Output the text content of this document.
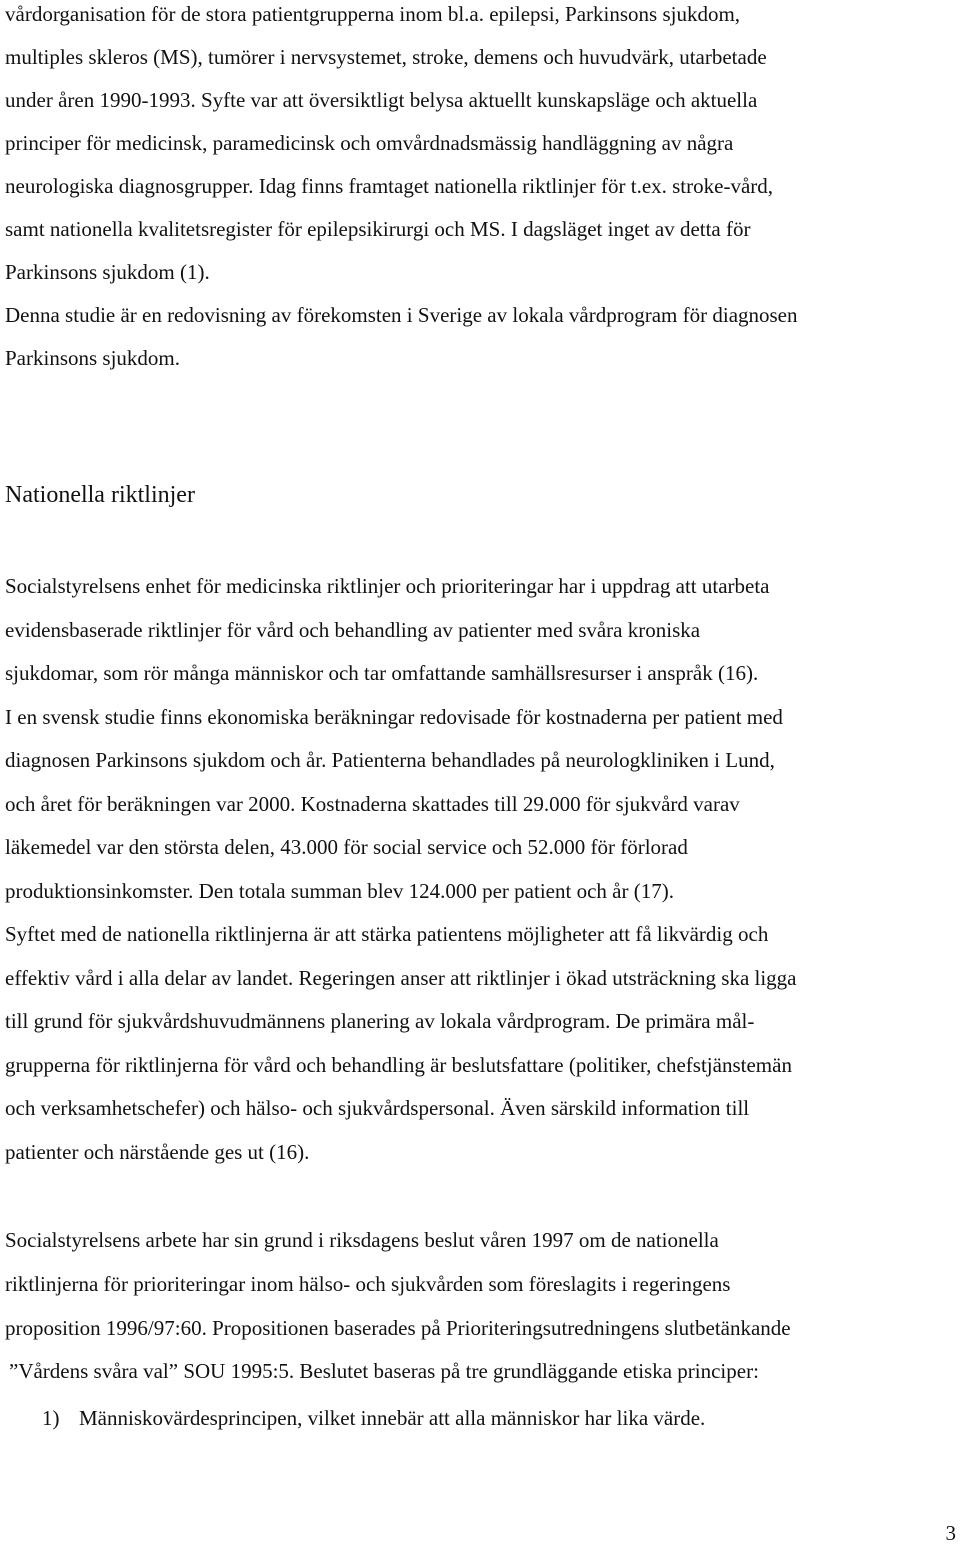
vårdorganisation för de stora patientgrupperna inom bl.a. epilepsi, Parkinsons sjukdom,
multiples skleros (MS), tumörer i nervsystemet, stroke, demens och huvudvärk, utarbetade
under åren 1990-1993. Syfte var att översiktligt belysa aktuellt kunskapsläge och aktuella
principer för medicinsk, paramedicinsk och omvårdnadsmässig handläggning av några
neurologiska diagnosgrupper. Idag finns framtaget nationella riktlinjer för t.ex. stroke-vård,
samt nationella kvalitetsregister för epilepsikirurgi och MS. I dagsläget inget av detta för
Parkinsons sjukdom (1).
Denna studie är en redovisning av förekomsten i Sverige av lokala vårdprogram för diagnosen
Parkinsons sjukdom.
Nationella riktlinjer
Socialstyrelsens enhet för medicinska riktlinjer och prioriteringar har i uppdrag att utarbeta
evidensbaserade riktlinjer för vård och behandling av patienter med svåra kroniska
sjukdomar, som rör många människor och tar omfattande samhällsresurser i anspråk (16).
I en svensk studie finns ekonomiska beräkningar redovisade för kostnaderna per patient med
diagnosen Parkinsons sjukdom och år. Patienterna behandlades på neurologkliniken i Lund,
och året för beräkningen var 2000. Kostnaderna skattades till 29.000 för sjukvård varav
läkemedel var den största delen, 43.000 för social service och 52.000 för förlorad
produktionsinkomster. Den totala summan blev 124.000 per patient och år (17).
Syftet med de nationella riktlinjerna är att stärka patientens möjligheter att få likvärdig och
effektiv vård i alla delar av landet. Regeringen anser att riktlinjer i ökad utsträckning ska ligga
till grund för sjukvårdshuvudmännens planering av lokala vårdprogram. De primära mål-
grupperna för riktlinjerna för vård och behandling är beslutsfattare (politiker, chefstjänstemän
och verksamhetschefer) och hälso- och sjukvårdspersonal. Även särskild information till
patienter och närstående ges ut (16).
Socialstyrelsens arbete har sin grund i riksdagens beslut våren 1997 om de nationella
riktlinjerna för prioriteringar inom hälso- och sjukvården som föreslagits i regeringens
proposition 1996/97:60. Propositionen baserades på Prioriteringsutredningens slutbetänkande
”Vårdens svåra val” SOU 1995:5. Beslutet baseras på tre grundläggande etiska principer:
1) Människovärdesprincipen, vilket innebär att alla människor har lika värde.
3
